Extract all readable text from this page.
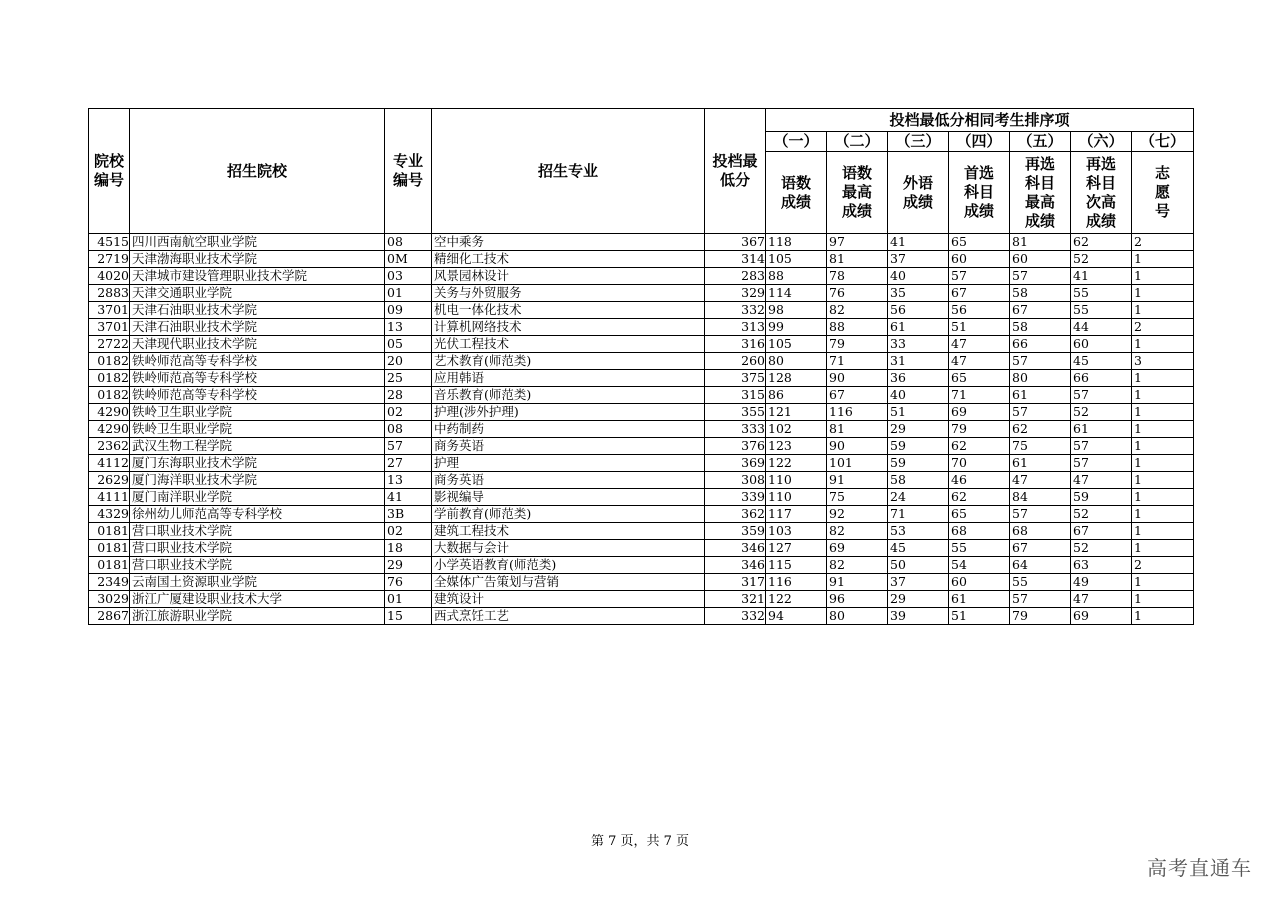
院校编号	招生院校	专业编号	招生专业	投档最低分	投档最低分相同考生排序项						
					（一）	（二）	（三）	（四）	（五）	（六）	（七）

					语数成绩	语数最高成绩	外语成绩	首选科目成绩	再选科目最高成绩	再选科目次高成绩	志愿号

4515	四川西南航空职业学院	08	空中乘务	367	118	97	41	65	81	62	2
2719	天津渤海职业技术学院	0M	精细化工技术	314	105	81	37	60	60	52	1
4020	天津城市建设管理职业技术学院	03	风景园林设计	283	88	78	40	57	57	41	1
2883	天津交通职业学院	01	关务与外贸服务	329	114	76	35	67	58	55	1
3701	天津石油职业技术学院	09	机电一体化技术	332	98	82	56	56	67	55	1
3701	天津石油职业技术学院	13	计算机网络技术	313	99	88	61	51	58	44	2
2722	天津现代职业技术学院	05	光伏工程技术	316	105	79	33	47	66	60	1
0182	铁岭师范高等专科学校	20	艺术教育(师范类)	260	80	71	31	47	57	45	3
0182	铁岭师范高等专科学校	25	应用韩语	375	128	90	36	65	80	66	1
0182	铁岭师范高等专科学校	28	音乐教育(师范类)	315	86	67	40	71	61	57	1
4290	铁岭卫生职业学院	02	护理(涉外护理)	355	121	116	51	69	57	52	1
4290	铁岭卫生职业学院	08	中药制药	333	102	81	29	79	62	61	1
2362	武汉生物工程学院	57	商务英语	376	123	90	59	62	75	57	1
4112	厦门东海职业技术学院	27	护理	369	122	101	59	70	61	57	1
2629	厦门海洋职业技术学院	13	商务英语	308	110	91	58	46	47	47	1
4111	厦门南洋职业学院	41	影视编导	339	110	75	24	62	84	59	1
4329	徐州幼儿师范高等专科学校	3B	学前教育(师范类)	362	117	92	71	65	57	52	1
0181	营口职业技术学院	02	建筑工程技术	359	103	82	53	68	68	67	1
0181	营口职业技术学院	18	大数据与会计	346	127	69	45	55	67	52	1
0181	营口职业技术学院	29	小学英语教育(师范类)	346	115	82	50	54	64	63	2
2349	云南国土资源职业学院	76	全媒体广告策划与营销	317	116	91	37	60	55	49	1
3029	浙江广厦建设职业技术大学	01	建筑设计	321	122	96	29	61	57	47	1
2867	浙江旅游职业学院	15	西式烹饪工艺	332	94	80	39	51	79	69	1
第 7 页，共 7 页
高考直通车
